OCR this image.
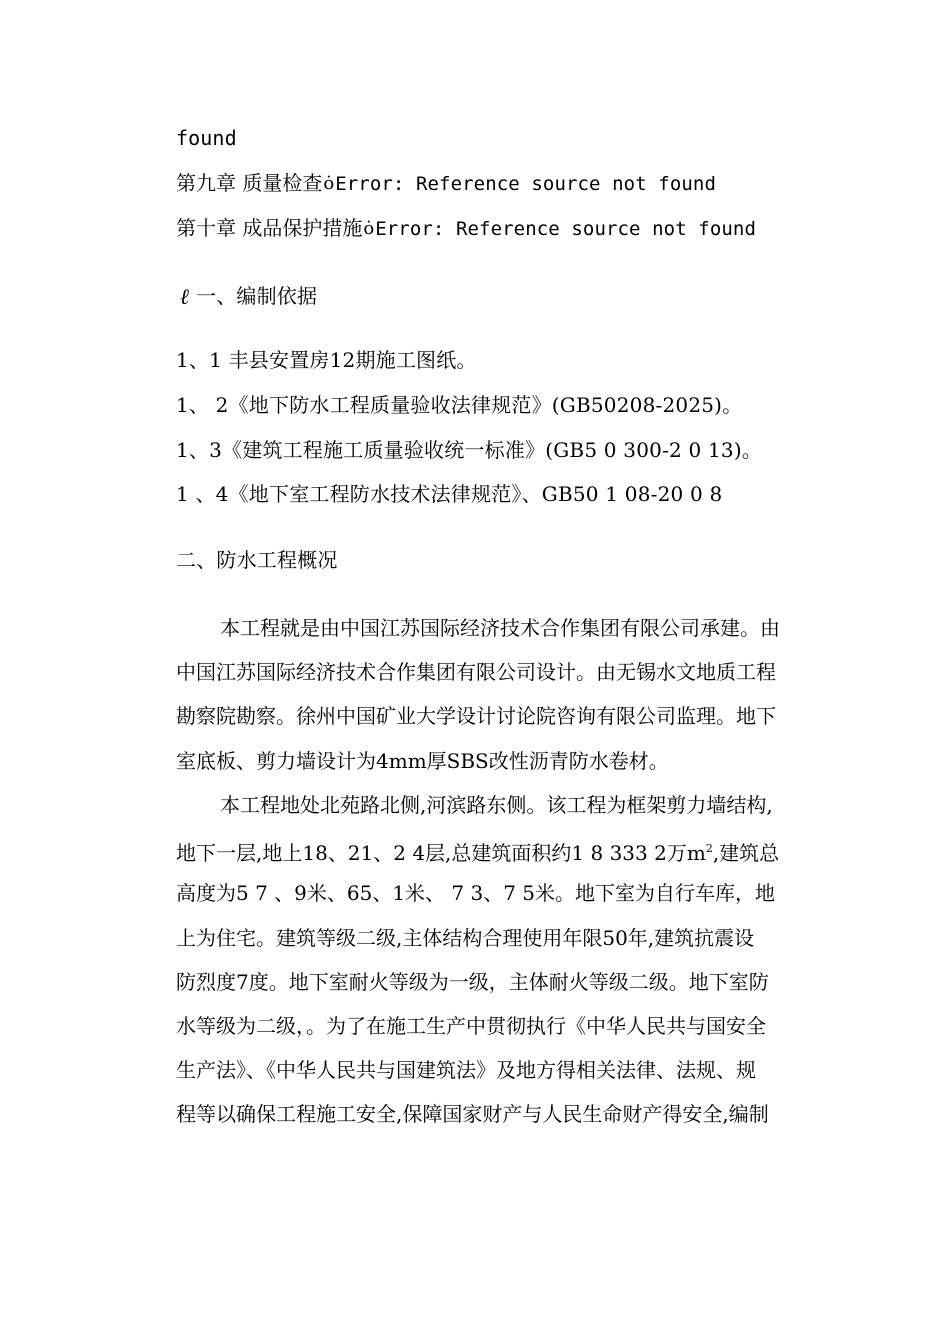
found
第九章 质量检查ȯError: Reference source not found
第十章 成品保护措施ȯError: Reference source not found
ℓ 一、编制依据
1、1 丰县安置房12期施工图纸。
1、 2《地下防水工程质量验收法律规范》(GB50208-2025)。
1、3《建筑工程施工质量验收统一标准》(GB5 0 300-2 0 13)。
1 、4《地下室工程防水技术法律规范》、GB50 1 08-20 0 8
二、防水工程概况
本工程就是由中国江苏国际经济技术合作集团有限公司承建。由
中国江苏国际经济技术合作集团有限公司设计。由无锡水文地质工程
勘察院勘察。徐州中国矿业大学设计讨论院咨询有限公司监理。地下
室底板、剪力墙设计为4mm厚SBS改性沥青防水卷材。
本工程地处北苑路北侧,河滨路东侧。该工程为框架剪力墙结构,
地下一层,地上18、21、2 4层,总建筑面积约1 8 333 2万$m^2$,建筑总
高度为5 7 、9米、65、1米、 7 3、7 5米。地下室为自行车库，地
上为住宅。建筑等级二级,主体结构合理使用年限50年,建筑抗震设
防烈度7度。地下室耐火等级为一级，主体耐火等级二级。地下室防
水等级为二级，。为了在施工生产中贯彻执行《中华人民共与国安全
生产法》、《中华人民共与国建筑法》及地方得相关法律、法规、规
程等以确保工程施工安全,保障国家财产与人民生命财产得安全,编制
